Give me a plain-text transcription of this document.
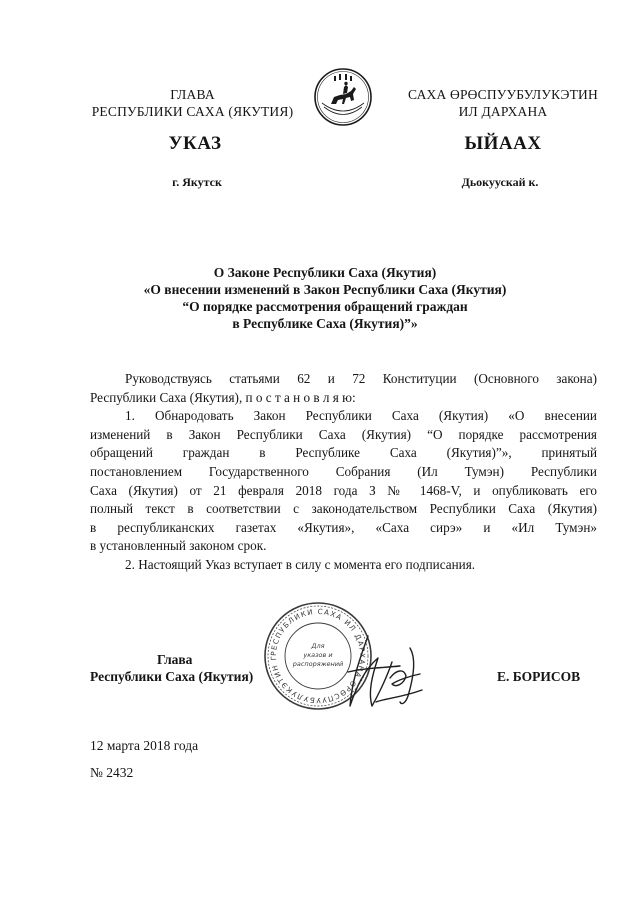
ГЛАВА
РЕСПУБЛИКИ САХА (ЯКУТИЯ)
САХА ӨРӨСПУУБУЛУКЭТИН
ИЛ ДАРХАНА
УКАЗ	ЫЙААХ
г. Якутск	Дьокуускай к.
О Законе Республики Саха (Якутия)
«О внесении изменений в Закон Республики Саха (Якутия)
“О порядке рассмотрения обращений граждан
в Республике Саха (Якутия)”»
Руководствуясь статьями 62 и 72 Конституции (Основного закона)
Республики Саха (Якутия), п о с т а н о в л я ю:
1. Обнародовать Закон Республики Саха (Якутия) «О внесении
изменений в Закон Республики Саха (Якутия) “О порядке рассмотрения
обращений граждан в Республике Саха (Якутия)”», принятый
постановлением Государственного Собрания (Ил Тумэн) Республики
Саха (Якутия) от 21 февраля 2018 года З № 1468-V, и опубликовать его
полный текст в соответствии с законодательством Республики Саха (Якутия)
в республиканских газетах «Якутия», «Саха сирэ» и «Ил Тумэн»
в установленный законом срок.
2. Настоящий Указ вступает в силу с момента его подписания.
РЕСПУБЛИКИ САХА ИЛ ДАРХАНА ӨРӨСПУУБУЛУКЭТИН Г
Для
указов и
распоряжений
Глава
Республики Саха (Якутия)	Е. БОРИСОВ
12 марта 2018 года
№ 2432
